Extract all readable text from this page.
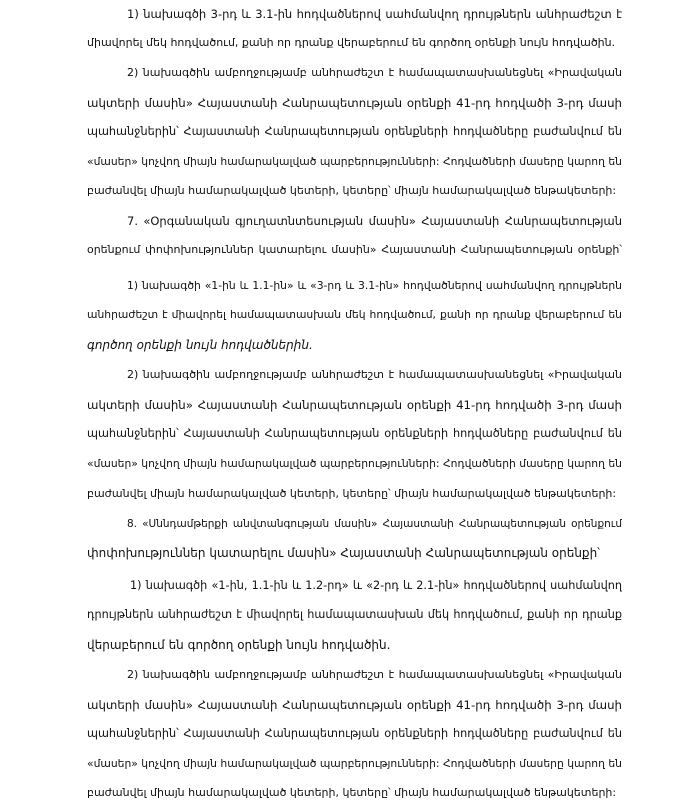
1) նախագծի 3-րդ և 3.1-ին հոդվածներով սահմանվող դրույթներն անհրաժեշտ է
միավորել մեկ հոդվածում, քանի որ դրանք վերաբերում են գործող օրենքի նույն հոդվածին.
2) նախագծին ամբողջությամբ անհրաժեշտ է համապատասխանեցնել «Իրավական
ակտերի մասին» Հայաստանի Հանրապետության օրենքի 41-րդ հոդվածի 3-րդ մասի
պահանջներին՝ Հայաստանի Հանրապետության օրենքների հոդվածները բաժանվում են
«մասեր» կոչվող միայն համարակալված պարբերությունների: Հոդվածների մասերը կարող են
բաժանվել միայն համարակալված կետերի, կետերը՝ միայն համարակալված ենթակետերի:
7. «Օրգանական գյուղատնտեսության մասին» Հայաստանի Հանրապետության
օրենքում փոփոխություններ կատարելու մասին» Հայաստանի Հանրապետության օրենքի՝
1) նախագծի «1-ին և 1.1-ին» և «3-րդ և 3.1-ին» հոդվածներով սահմանվող դրույթներն
անհրաժեշտ է միավորել համապատասխան մեկ հոդվածում, քանի որ դրանք վերաբերում են
գործող օրենքի նույն հոդվածներին.
2) նախագծին ամբողջությամբ անհրաժեշտ է համապատասխանեցնել «Իրավական
ակտերի մասին» Հայաստանի Հանրապետության օրենքի 41-րդ հոդվածի 3-րդ մասի
պահանջներին՝ Հայաստանի Հանրապետության օրենքների հոդվածները բաժանվում են
«մասեր» կոչվող միայն համարակալված պարբերությունների: Հոդվածների մասերը կարող են
բաժանվել միայն համարակալված կետերի, կետերը՝ միայն համարակալված ենթակետերի:
8. «Սննդամթերքի անվտանգության մասին» Հայաստանի Հանրապետության օրենքում
փոփոխություններ կատարելու մասին» Հայաստանի Հանրապետության օրենքի՝
1) նախագծի «1-ին, 1.1-ին և 1.2-րդ» և «2-րդ և 2.1-ին» հոդվածներով սահմանվող
դրույթներն անհրաժեշտ է միավորել համապատասխան մեկ հոդվածում, քանի որ դրանք
վերաբերում են գործող օրենքի նույն հոդվածին.
2) նախագծին ամբողջությամբ անհրաժեշտ է համապատասխանեցնել «Իրավական
ակտերի մասին» Հայաստանի Հանրապետության օրենքի 41-րդ հոդվածի 3-րդ մասի
պահանջներին՝ Հայաստանի Հանրապետության օրենքների հոդվածները բաժանվում են
«մասեր» կոչվող միայն համարակալված պարբերությունների: Հոդվածների մասերը կարող են
բաժանվել միայն համարակալված կետերի, կետերը՝ միայն համարակալված ենթակետերի:
